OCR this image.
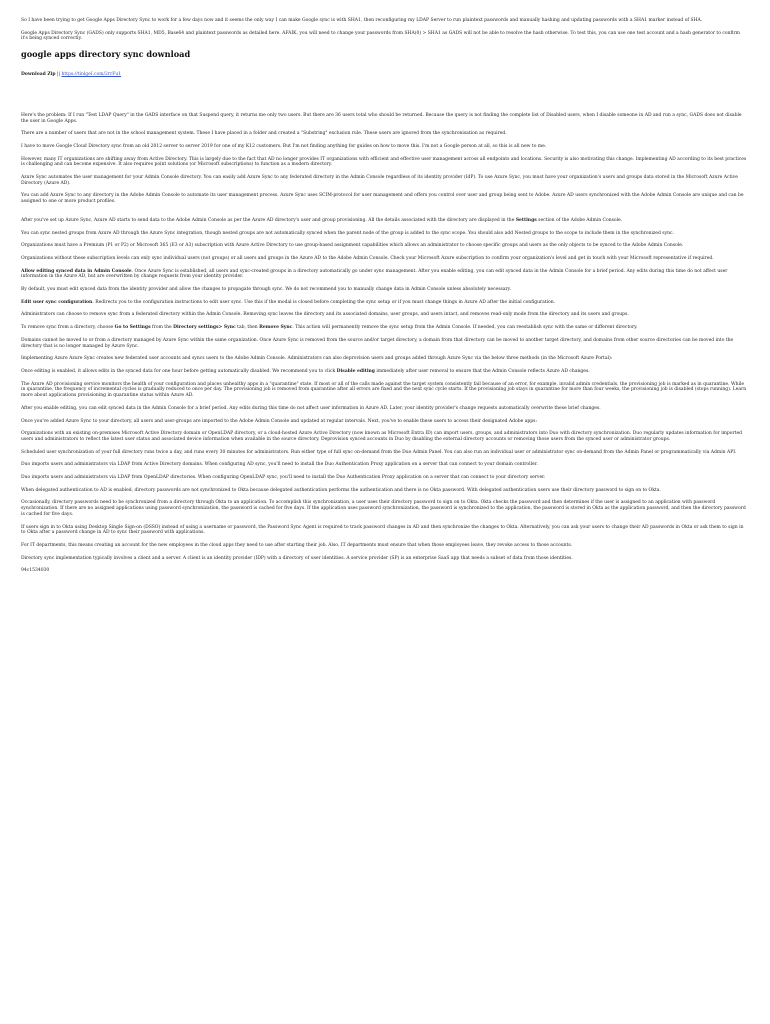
So I have been trying to get Google Apps Directory Sync to work for a few days now and it seems the only way I can make Google sync is with SHA1, then reconfiguring my LDAP Server to run plaintext passwords and manually hashing and updating passwords with a SHA1 marker instead of SHA.

Google Apps Directory Sync (GADS) only supports SHA1, MD5, Base64 and plaintext passwords as detailed here. AFAIK, you will need to change your passwords from SHA(0) > SHA1 as GADS will not be able to resolve the hash otherwise. To test this, you can use one test account and a hash generator to confirm it's being synced correctly.

google apps directory sync download
Download Zip || https://tinlgeI.com/2rrFu1

Here's the problem: If I run "Test LDAP Query" in the GADS interface on that Suspend query, it returns me only two users. But there are 36 users total who should be returned. Because the query is not finding the complete list of Disabled users, when I disable someone in AD and run a sync, GADS does not disable the user in Google Apps.

There are a number of users that are not in the school management system. These I have placed in a folder and created a "Substring" exclusion rule. These users are ignored from the synchronisation as required.

I have to move Google Cloud Directory sync from an old 2012 server to server 2019 for one of my K12 customers. But I'm not finding anything for guides on how to move this. I'm not a Google person at all, so this is all new to me.

However, many IT organizations are shifting away from Active Directory. This is largely due to the fact that AD no longer provides IT organizations with efficient and effective user management across all endpoints and locations. Security is also motivating this change. Implementing AD according to its best practices is challenging and can become expensive. It also requires point solutions (or Microsoft subscriptions) to function as a modern directory.

Azure Sync automates the user management for your Admin Console directory. You can easily add Azure Sync to any federated directory in the Admin Console regardless of its identity provider (IdP). To use Azure Sync, you must have your organization's users and groups data stored in the Microsoft Azure Active Directory (Azure AD).

You can add Azure Sync to any directory in the Adobe Admin Console to automate its user management process. Azure Sync uses SCIM-protocol for user management and offers you control over user and group being sent to Adobe. Azure AD users synchronized with the Adobe Admin Console are unique and can be assigned to one or more product profiles.

After you've set up Azure Sync, Azure AD starts to send data to the Adobe Admin Console as per the Azure AD directory's user and group provisioning. All the details associated with the directory are displayed in the Settings section of the Adobe Admin Console.

You can sync nested groups from Azure AD through the Azure Sync integration, though nested groups are not automatically synced when the parent node of the group is added to the sync scope. You should also add Nested groups to the scope to include them in the synchronized sync.

Organizations must have a Premium (P1 or P2) or Microsoft 365 (E3 or A3) subscription with Azure Active Directory to use group-based assignment capabilities which allows an administrator to choose specific groups and users as the only objects to be synced to the Adobe Admin Console.

Organizations without these subscription levels can only sync individual users (not groups) or all users and groups in the Azure AD to the Adobe Admin Console. Check your Microsoft Azure subscription to confirm your organization's level and get in touch with your Microsoft representative if required.

Allow editing synced data in Admin Console. Once Azure Sync is established, all users and sync-created groups in a directory automatically go under sync management. After you enable editing, you can edit synced data in the Admin Console for a brief period. Any edits during this time do not affect user information in the Azure AD, but are overwritten by change requests from your identity provider.

By default, you must edit synced data from the identity provider and allow the changes to propagate through sync. We do not recommend you to manually change data in Admin Console unless absolutely necessary.

Edit user sync configuration. Redirects you to the configuration instructions to edit user sync. Use this if the modal is closed before completing the sync setup or if you must change things in Azure AD after the initial configuration.

Administrators can choose to remove sync from a federated directory within the Admin Console. Removing sync leaves the directory and its associated domains, user groups, and users intact, and removes read-only mode from the directory and its users and groups.

To remove sync from a directory, choose Go to Settings from the Directory settings> Sync tab, then Remove Sync. This action will permanently remove the sync setup from the Admin Console. If needed, you can reestablish sync with the same or different directory.

Domains cannot be moved to or from a directory managed by Azure Sync within the same organization. Once Azure Sync is removed from the source and/or target directory, a domain from that directory can be moved to another target directory, and domains from other source directories can be moved into the directory that is no longer managed by Azure Sync.

Implementing Azure Azure Sync creates new federated user accounts and syncs users to the Adobe Admin Console. Administrators can also deprovision users and groups added through Azure Sync via the below three methods (in the Microsoft Azure Portal):

Once editing is enabled, it allows edits in the synced data for one hour before getting automatically disabled. We recommend you to click Disable editing immediately after user removal to ensure that the Admin Console reflects Azure AD changes.

The Azure AD provisioning service monitors the health of your configuration and places unhealthy apps in a "quarantine" state. If most or all of the calls made against the target system consistently fail because of an error, for example, invalid admin credentials, the provisioning job is marked as in quarantine. While in quarantine, the frequency of incremental cycles is gradually reduced to once per day. The provisioning job is removed from quarantine after all errors are fixed and the next sync cycle starts. If the provisioning job stays in quarantine for more than four weeks, the provisioning job is disabled (stops running). Learn more about applications provisioning in quarantine status within Azure AD.

After you enable editing, you can edit synced data in the Admin Console for a brief period. Any edits during this time do not affect user information in Azure AD. Later, your identity provider's change requests automatically overwrite these brief changes.

Once you've added Azure Sync to your directory, all users and user-groups are imported to the Adobe Admin Console and updated at regular intervals. Next, you've to enable these users to access their designated Adobe apps:

Organizations with an existing on-premises Microsoft Active Directory domain or OpenLDAP directory, or a cloud-hosted Azure Active Directory (now known as Microsoft Entra ID) can import users, groups, and administrators into Duo with directory synchronization. Duo regularly updates information for imported users and administrators to reflect the latest user status and associated device information when available in the source directory. Deprovision synced accounts in Duo by disabling the external directory accounts or removing those users from the synced user or administrator groups.

Scheduled user synchronization of your full directory runs twice a day, and runs every 30 minutes for administrators. Run either type of full sync on-demand from the Duo Admin Panel. You can also run an individual user or administrator sync on-demand from the Admin Panel or programmatically via Admin API.

Duo imports users and administrators via LDAP from Active Directory domains. When configuring AD sync, you'll need to install the Duo Authentication Proxy application on a server that can connect to your domain controller.

Duo imports users and administrators via LDAP from OpenLDAP directories. When configuring OpenLDAP sync, you'll need to install the Duo Authentication Proxy application on a server that can connect to your directory server.

When delegated authentication to AD is enabled, directory passwords are not synchronized to Okta because delegated authentication performs the authentication and there is no Okta password. With delegated authentication users use their directory password to sign on to Okta.

Occasionally, directory passwords need to be synchronized from a directory through Okta to an application. To accomplish this synchronization, a user uses their directory password to sign on to Okta. Okta checks the password and then determines if the user is assigned to an application with password synchronization. If there are no assigned applications using password synchronization, the password is cached for five days. If the application uses password synchronization, the password is synchronized to the application, the password is stored in Okta as the application password, and then the directory password is cached for five days.

If users sign in to Okta using Desktop Single Sign-on (DSSO) instead of using a username or password, the Password Sync Agent is required to track password changes in AD and then synchronize the changes to Okta. Alternatively, you can ask your users to change their AD passwords in Okta or ask them to sign in to Okta after a password change in AD to sync their password with applications.

For IT departments, this means creating an account for the new employees in the cloud apps they need to use after starting their job. Also, IT departments must ensure that when those employees leave, they revoke access to those accounts.

Directory sync implementation typically involves a client and a server. A client is an identity provider (IDP) with a directory of user identities. A service provider (SP) is an enterprise SaaS app that needs a subset of data from those identities.

94c1534030
